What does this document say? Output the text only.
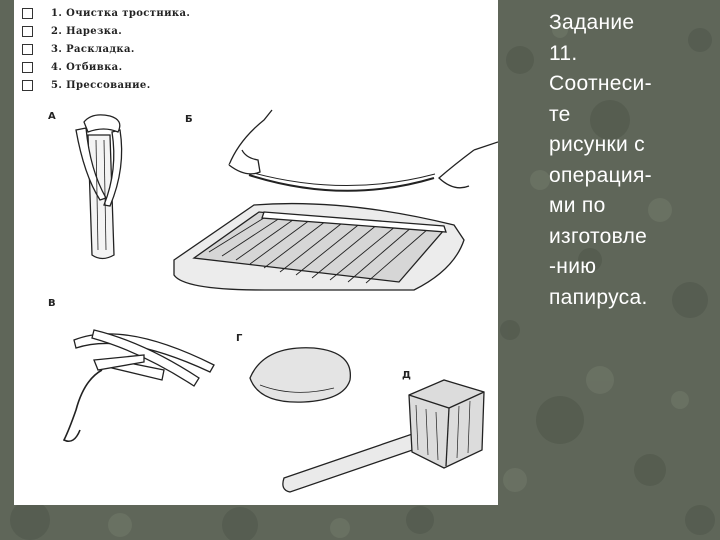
1. Очистка тростника.
2. Нарезка.
3. Раскладка.
4. Отбивка.
5. Прессование.
А	Б
В
Г
Д
Задание
11.
Соотнеси-
те
рисунки с
операция-
ми по
изготовле
-нию
папируса.
